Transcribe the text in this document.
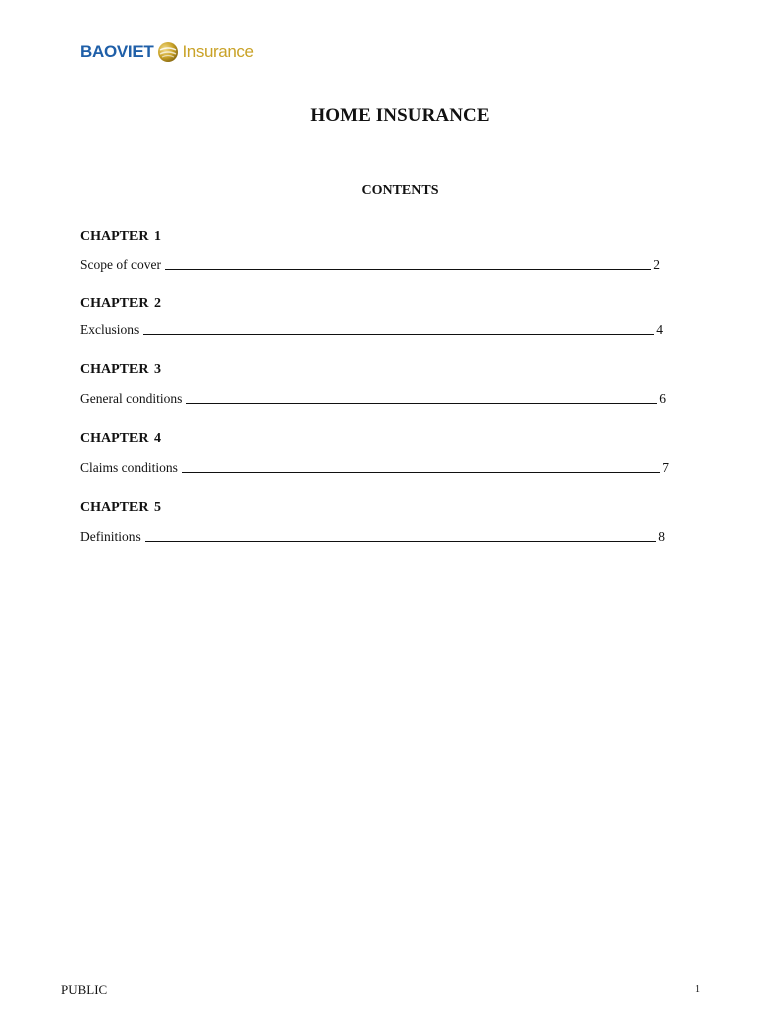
BAOVIET Insurance
HOME INSURANCE
CONTENTS
CHAPTER 1
Scope of cover	2
CHAPTER 2
Exclusions	4
CHAPTER 3
General conditions	6
CHAPTER 4
Claims conditions	7
CHAPTER 5
Definitions	8
PUBLIC	1
